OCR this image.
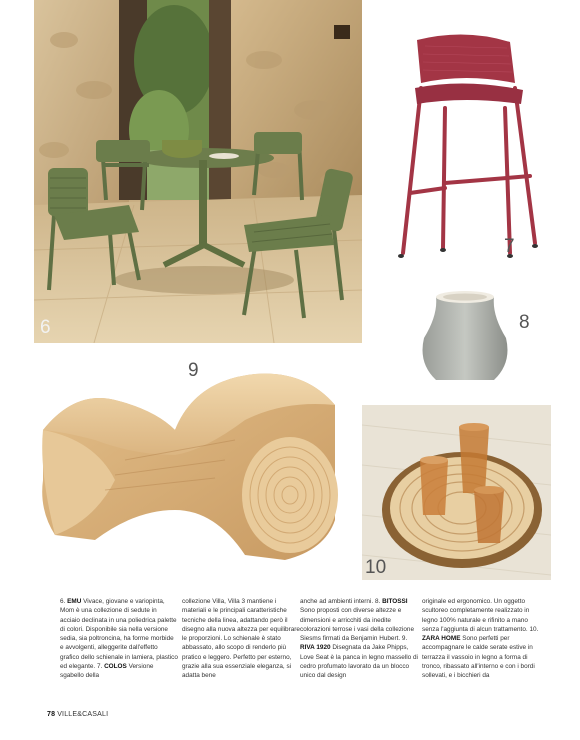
6
7
8
9
10
6. EMU Vivace, giovane e variopinta, Mom è una collezione di sedute in acciaio declinata in una poliedrica palette di colori. Disponibile sia nella versione sedia, sia poltroncina, ha forme morbide e avvolgenti, alleggerite dall'effetto grafico dello schienale in lamiera, plastico ed elegante. 7. COLOS Versione sgabello della
collezione Villa, Villa 3 mantiene i materiali e le principali caratteristiche tecniche della linea, adattando però il disegno alla nuova altezza per equilibrare le proporzioni. Lo schienale è stato abbassato, allo scopo di renderlo più pratico e leggero. Perfetto per esterno, grazie alla sua essenziale eleganza, si adatta bene
anche ad ambienti interni. 8. BITOSSI Sono proposti con diverse altezze e dimensioni e arricchiti da inedite colorazioni terrose i vasi della collezione Siesms firmati da Benjamin Hubert. 9. RIVA 1920 Disegnata da Jake Phipps, Love Seat è la panca in legno massello di cedro profumato lavorato da un blocco unico dal design
originale ed ergonomico. Un oggetto scultoreo completamente realizzato in legno 100% naturale e rifinito a mano senza l'aggiunta di alcun trattamento. 10. ZARA HOME Sono perfetti per accompagnare le calde serate estive in terrazza il vassoio in legno a forma di tronco, ribassato all'interno e con i bordi sollevati, e i bicchieri da
78 VILLE&CASALI
